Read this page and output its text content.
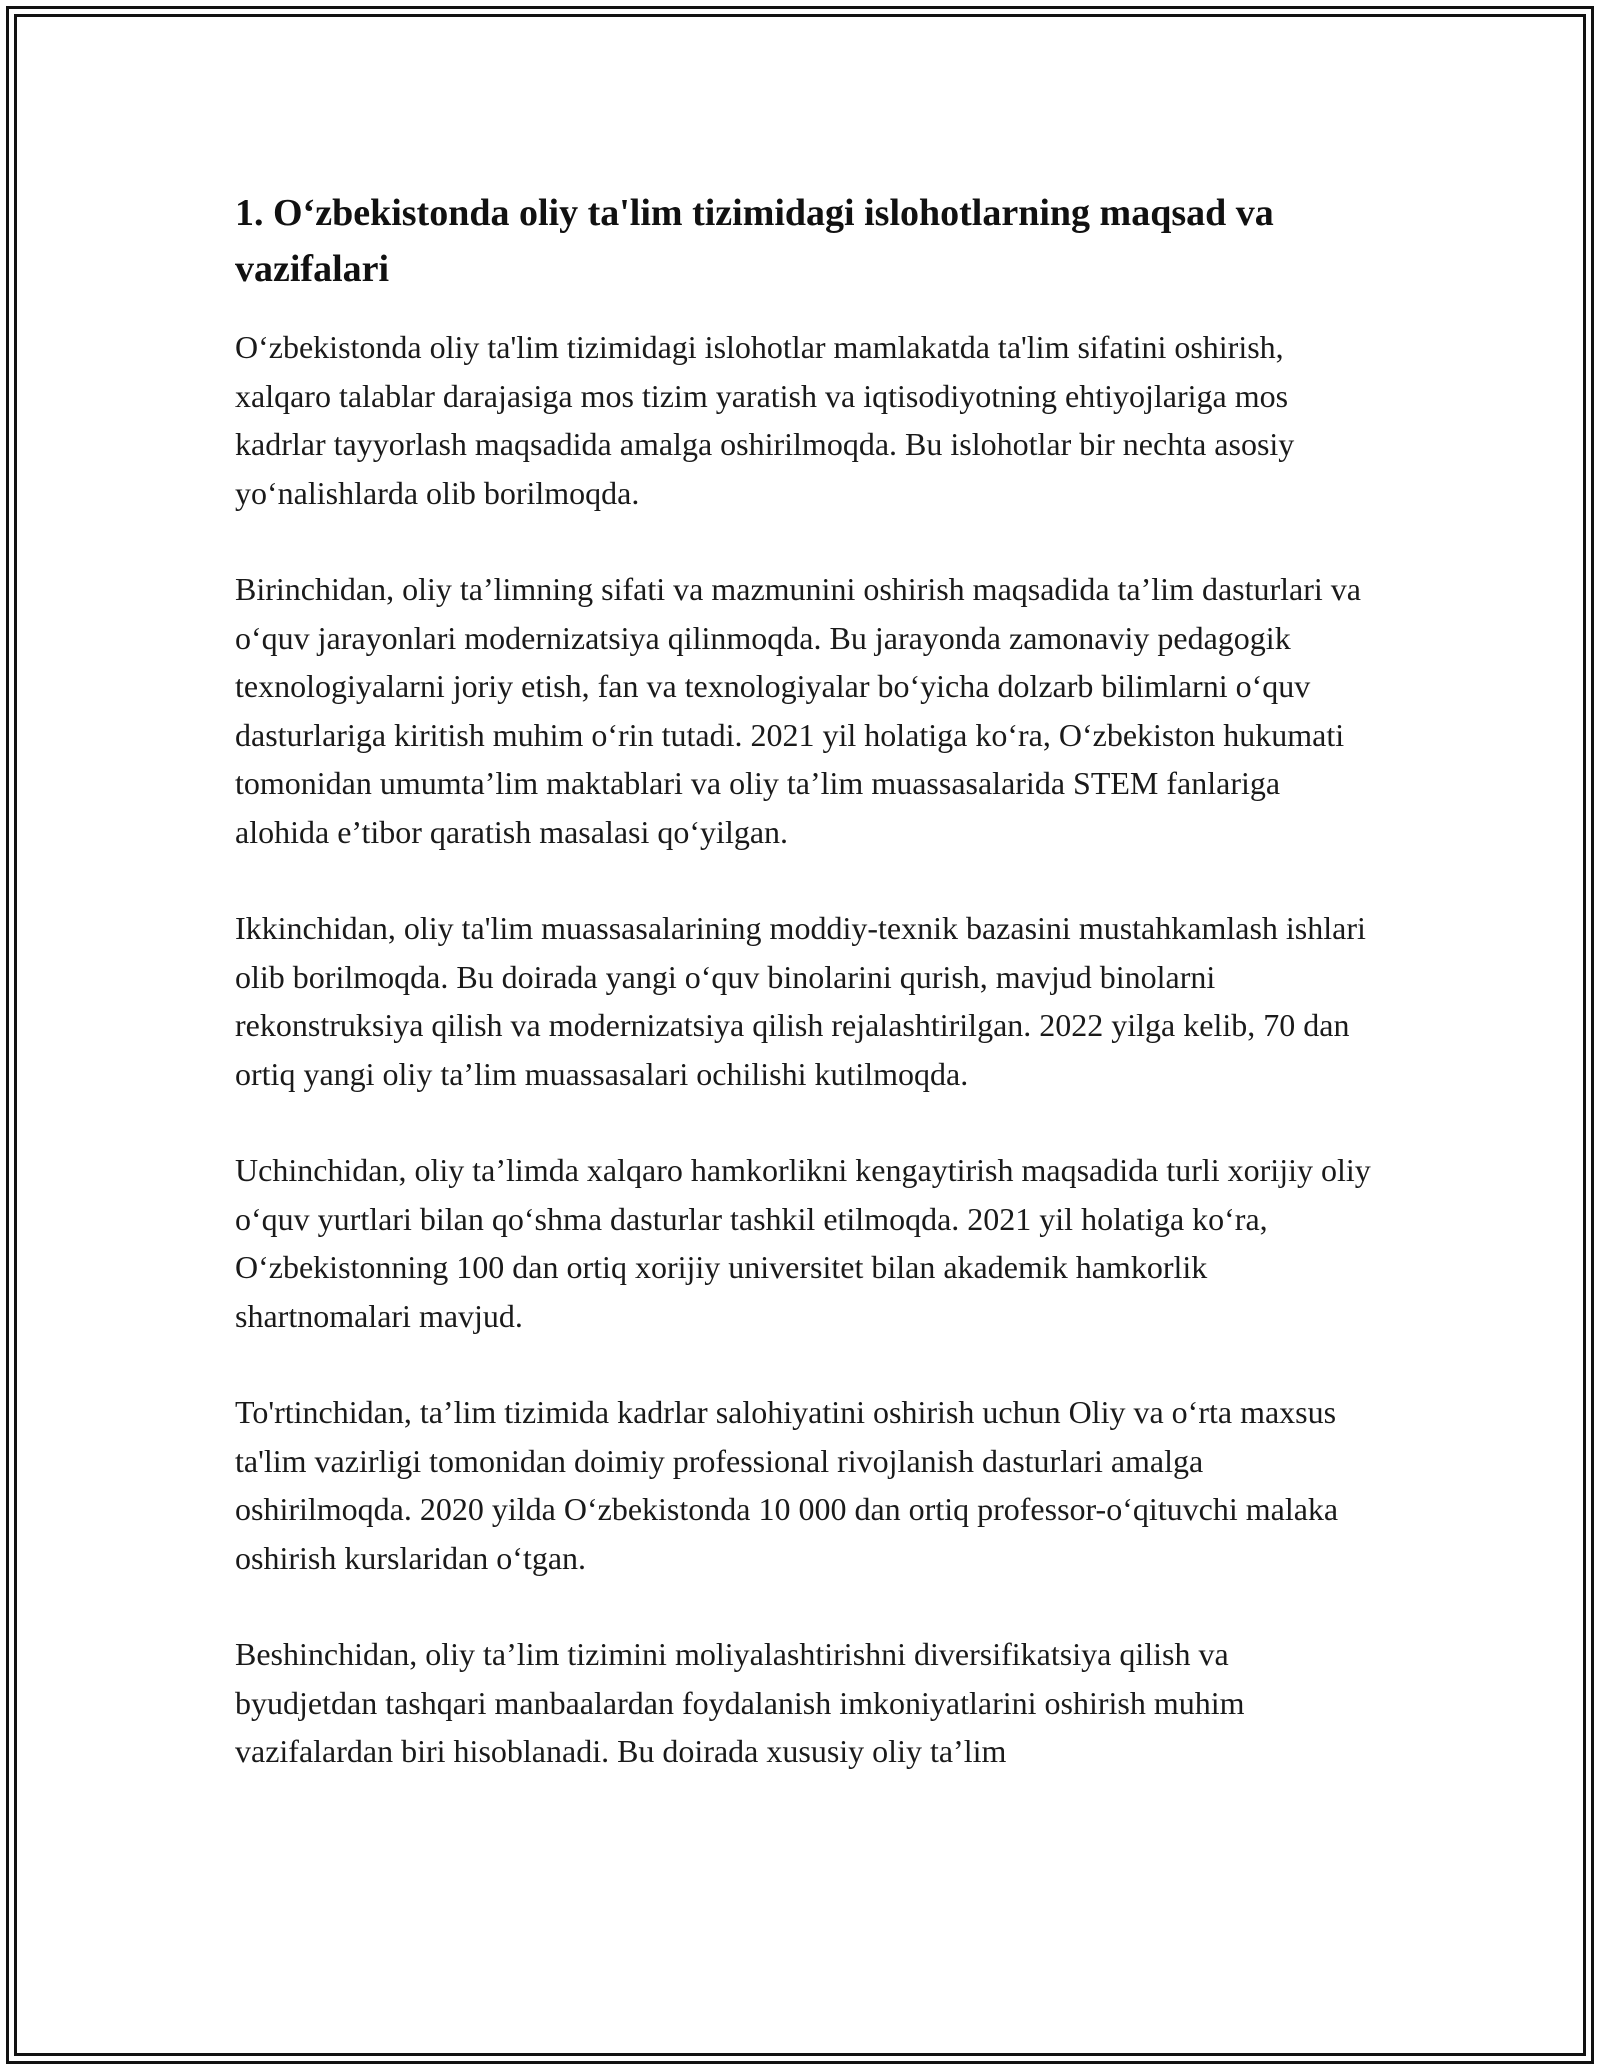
1. O‘zbekistonda oliy ta'lim tizimidagi islohotlarning maqsad va vazifalari

O‘zbekistonda oliy ta'lim tizimidagi islohotlar mamlakatda ta'lim sifatini oshirish, xalqaro talablar darajasiga mos tizim yaratish va iqtisodiyotning ehtiyojlariga mos kadrlar tayyorlash maqsadida amalga oshirilmoqda. Bu islohotlar bir nechta asosiy yo‘nalishlarda olib borilmoqda.

Birinchidan, oliy ta’limning sifati va mazmunini oshirish maqsadida ta’lim dasturlari va o‘quv jarayonlari modernizatsiya qilinmoqda. Bu jarayonda zamonaviy pedagogik texnologiyalarni joriy etish, fan va texnologiyalar bo‘yicha dolzarb bilimlarni o‘quv dasturlariga kiritish muhim o‘rin tutadi. 2021 yil holatiga ko‘ra, O‘zbekiston hukumati tomonidan umumta’lim maktablari va oliy ta’lim muassasalarida STEM fanlariga alohida e’tibor qaratish masalasi qo‘yilgan.

Ikkinchidan, oliy ta'lim muassasalarining moddiy-texnik bazasini mustahkamlash ishlari olib borilmoqda. Bu doirada yangi o‘quv binolarini qurish, mavjud binolarni rekonstruksiya qilish va modernizatsiya qilish rejalashtirilgan. 2022 yilga kelib, 70 dan ortiq yangi oliy ta’lim muassasalari ochilishi kutilmoqda.

Uchinchidan, oliy ta’limda xalqaro hamkorlikni kengaytirish maqsadida turli xorijiy oliy o‘quv yurtlari bilan qo‘shma dasturlar tashkil etilmoqda. 2021 yil holatiga ko‘ra, O‘zbekistonning 100 dan ortiq xorijiy universitet bilan akademik hamkorlik shartnomalari mavjud.

To'rtinchidan, ta’lim tizimida kadrlar salohiyatini oshirish uchun Oliy va o‘rta maxsus ta'lim vazirligi tomonidan doimiy professional rivojlanish dasturlari amalga oshirilmoqda. 2020 yilda O‘zbekistonda 10 000 dan ortiq professor-o‘qituvchi malaka oshirish kurslaridan o‘tgan.

Beshinchidan, oliy ta’lim tizimini moliyalashtirishni diversifikatsiya qilish va byudjetdan tashqari manbaalardan foydalanish imkoniyatlarini oshirish muhim vazifalardan biri hisoblanadi. Bu doirada xususiy oliy ta’lim
